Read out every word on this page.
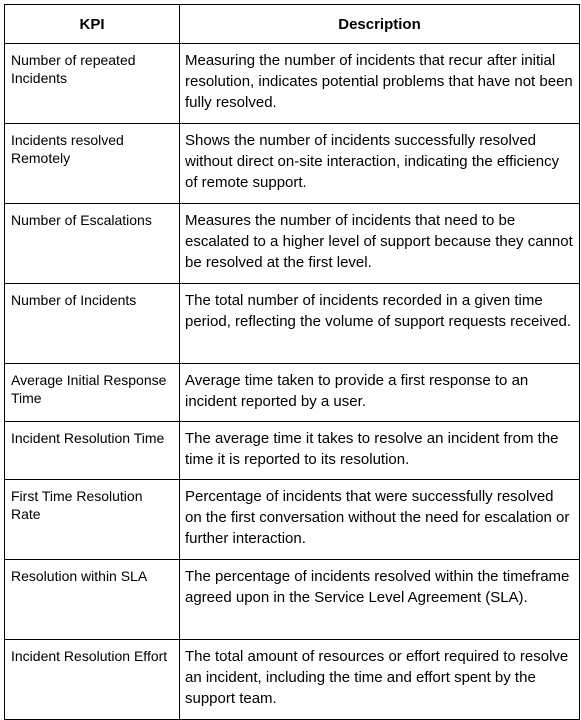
KPI	Description
Number of repeated Incidents	Measuring the number of incidents that recur after initial resolution, indicates potential problems that have not been fully resolved.
Incidents resolved Remotely	Shows the number of incidents successfully resolved without direct on-site interaction, indicating the efficiency of remote support.
Number of Escalations	Measures the number of incidents that need to be escalated to a higher level of support because they cannot be resolved at the first level.
Number of Incidents	The total number of incidents recorded in a given time period, reflecting the volume of support requests received.
Average Initial Response Time	Average time taken to provide a first response to an incident reported by a user.
Incident Resolution Time	The average time it takes to resolve an incident from the time it is reported to its resolution.
First Time Resolution Rate	Percentage of incidents that were successfully resolved on the first conversation without the need for escalation or further interaction.
Resolution within SLA	The percentage of incidents resolved within the timeframe agreed upon in the Service Level Agreement (SLA).
Incident Resolution Effort	The total amount of resources or effort required to resolve an incident, including the time and effort spent by the support team.
